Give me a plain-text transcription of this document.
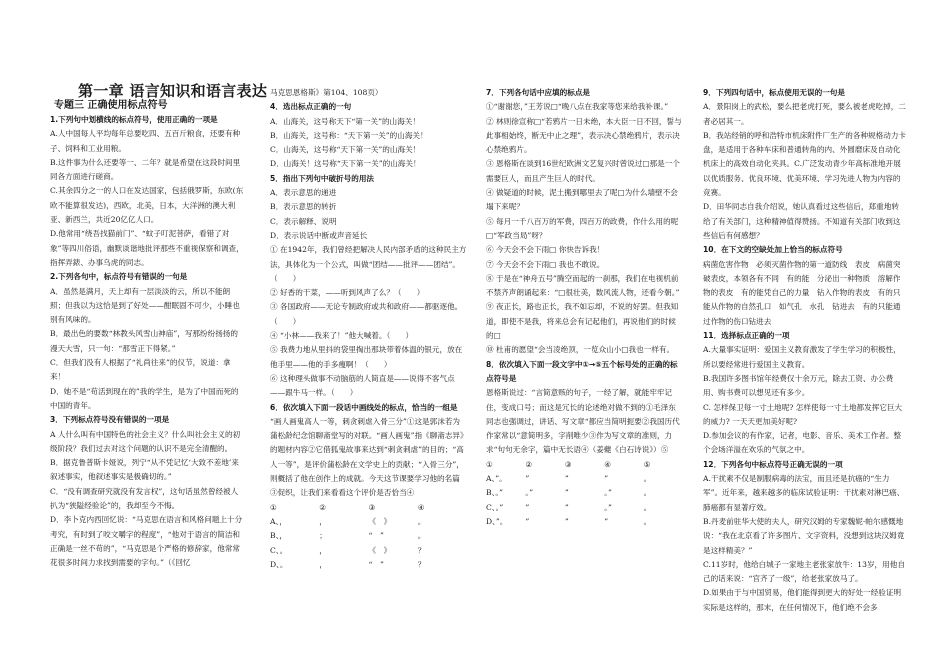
第一章 语言知识和语言表达
专题三 正确使用标点符号

1.下列句中划横线的标点符号，使用正确的一项是

A.人中国每人平均每年总要吃四、五百斤粮食，还要有种子、饲料和工业用粮。

B.这件事为什么还要等一、二年？就是希望在这段时间里同各方面进行磋商。

C.其余四分之一的人口在发达国家，包括俄罗斯，东欧(东欧不能算很发达)，西欧，北美，日本，大洋洲的澳大利亚、新西兰，共近20亿亿人口。

D.他常用“绕吾找猫前门”、“蚊子叮泥菩萨，看错了对象”等四川俗语，幽默谈谐地批评那些不重视保察和调查，指挥弄錶、办事乌虎的同志。

2.下列各句中，标点符号有错误的一句是

A．虽然是满月，天上却有一层淡淡的云，所以不能朗照；但我以为这恰是到了好处——酣眠固不可少，小睡也别有风味的。

B．最出色的要数“林教头风雪山神庙”，写那纷纷扬扬的漫天大雪，只一句：“那雪正下得紧。”

C．但我们没有人根据了“礼尚往来”的仪节，说道：拿来！

D．她不是“苟活到现在的”我的学生，是为了中国而死的中国的青年。

3．下列标点符号没有错误的一项是

A 人什么叫有中国特色的社会主义？什么叫社会主义的初级阶段？我们过去对这个问题的认识不是完全清醒的。

B．据克鲁普斯卡娅说，列宁“从不凭记忆‘大致不差地’来叙述事实，他叙述事实是极确切的。”

C．“没有调查研究就没有发言权”，这句话虽然曾经被人扒为“狭隘经验论”的，我却至今不悔。

D．李卜克内西回忆说：“马克思在语言和风格问题上十分考究，有时到了咬文嚼字的程度”，“他对于语言的简洁和正确是一丝不苟的”，“马克思是个严格的修辞家，他常常花很多时间力求找到需要的字句。”（《回忆

马克思恩格斯》第104、108页）

4．选出标点正确的一句

A．山海关，这号称天下“第一关”的山海关！

B．山海关，这号称：“天下第一关”的山海关！

C．山海关，这号称“天下第一关”的山海关！

D．山海关！这号称“天下第一关”的山海关！

5．指出下列句中破折号的用法

A．表示意思的递进

B．表示意思的转折

C．表示解释、说明

D．表示说话中断或声音延长

① 在1942年，我们曾经把解决人民内部矛盾的这种民主方法，具体化为一个公式，叫做“团结——批评——团结”。（　　）

② 好香的干菜，——听到风声了么？（　　）

③ 各国政府——无论专制政府或共和政府——都驱逐他。（　　）

④ “小林——我来了！”他大喊着。（　　）

⑤ 我费力地从里抖的袋里掏出那块带着体温的银元，放在他手里——他的手多瘦啊！（　　）

⑥ 这种理头做事不动脑筋的人简直是——说得不客气点——跟牛马一样。（　　）

6．依次填入下面一段话中画线处的标点，恰当的一组是

“画人画鬼高人一等，刺贪刺虐入骨三分”①这是郭沫若为蒲松龄纪念馆聊斋堂写的对联。“画人画鬼”指《聊斋志异》的题材内容②它借狐鬼故事来达到“刺贪刺虐”的目的；“高人一等”，是评价蒲松龄在文学史上的贡献；“入骨三分”，则概括了他在创作上的成就。今天这节课要学习他的名篇③促织，让我们来看看这个评价是否恰当④

①	②	③	④
A、，	，	《　》	。
B、，	；	“　”	。
C、。	，	《　》	？
D、。	，	“　”	？

7．下列各句话中应填的标点是

①“谢谢您，”王芳说□“晚八点在我家等您来给我补课。”

② 林则徐宣称□“若鸦片一日未绝，本大臣一日不回，誓与此事相始终，断无中止之理”，表示决心禁绝鸦片，表示决心禁绝鸦片。

③ 恩格斯在谈到16世纪欧洲文艺复兴时曾说过□那是一个需要巨人，而且产生巨人的时代。

④ 做疑道的时候，泥土搬到哪里去了呢□为什么墙壁不会塌下来呢？

⑤ 每月一千八百万的军费，四百万的政费，作什么用的呢□“军政当局”呀？

⑥ 今天会不会下雨□ 你快告诉我！

⑦ 今天会不会下雨□ 我也不敢说。

⑧ 于是在“神舟五号”腾空而起的一刹那，我们在电视机前不禁齐声朗诵起来：“□很壮美，数风流人物，还看今朝。”

⑨ 夜正长，路也正长，我不如忘却，不说的好罢。但我知道，即使不是我，将来总会有记起他们，再说他们的时候的□

⑩ 杜甫的愿望“会当凌绝顶，一览众山小□我也一样有。

8．依次填入下面一段文字中①→⑤五个标号处的正确的标点符号是

恩格斯说过：“言简意赅的句子，一经了解，就能牢牢记住，变成口号；而这是冗长的论述绝对做不到的①毛泽东同志也强调过，讲话、写文章“都应当简明扼要②我国历代作家常以“意简明多，字削唯少③作为写文章的准则，力求“句句无余字，篇中无长语④（姜夔《白石诗说》）⑤

①	②	③	④	⑤
A、”。	”	”	”	。
B、。”	。”	”	。”	。
C、。”	”	”	。”	。
D、”。	”	”	”	。

9．下列四句话中，标点使用无误的一句是

A．景阳岗上的武松，要么把老虎打死，要么被老虎吃掉，二者必居其一。

B．我站经销的呼和浩特市机床附件厂生产的各种规格动力卡盘，是适用于各种车床和普通转角的内、外圆磨床及自动化机床上的高效自动化夹具。C.广泛发动青少年高标准地开展以优质服务、优良环境、优美环境、学习先进人物为内容的竞赛。

D．田华同志自我介绍说，她认真看过这些信后，郑重地转给了有关部门，这种精神值得赞扬。不知道有关部门收到这些信后有何感想？

10．在下文的空缺处加上恰当的标点符号

病菌危害作物　必须灭菌作物的第一道防线　表皮　病菌突破表皮，本领各有不同　有的能　分泌出一种物质　溶解作物的表皮　有的能凭自己的力量　钻入作物的表皮　有的只能从作物的自然孔口　如气孔　水孔　钻进去　有的只能通过作物的伤口钻进去

11．选择标点正确的一项

A.大量事实证明：爱国主义教育激发了学生学习的积极性，所以要经常进行爱国主义教育。

B.我国许多图书馆年经费仅十余万元，除去工资、办公费用、购书费可以想见还有多少。

C. 怎样保卫每一寸土地呢? 怎样使每一寸土地都发挥它巨大的威力? 一天天更加美好呢?

D.参加会议的有作家，记者，电影、音乐、美术工作者。整个会场洋溢在欢乐的气氛之中。

12．下列各句中标点符号正确无误的一项

A.干扰素不仅是制服病毒的法宝，而且还是抗癌的“生力军”。近年来，越来越多的临床试验证明：干扰素对淋巴癌、肺癌都有显著疗效。

B.丹麦前驻华大使的夫人，研究汉姆的专家魏妮·帕尔感慨地说：“我在北京看了许多图片、文字资料，没想到这块汉姆竟是这样精美？”

C.11岁时，他给白城子一家地主老张家放牛：13岁，用他自己的话来说：“官齐了一级”，给老张家放马了。

D.如果由于与中国贸易，他们能得到更大的好处一经验证明实际是这样的，那末，在任何情况下，他们绝不会多
